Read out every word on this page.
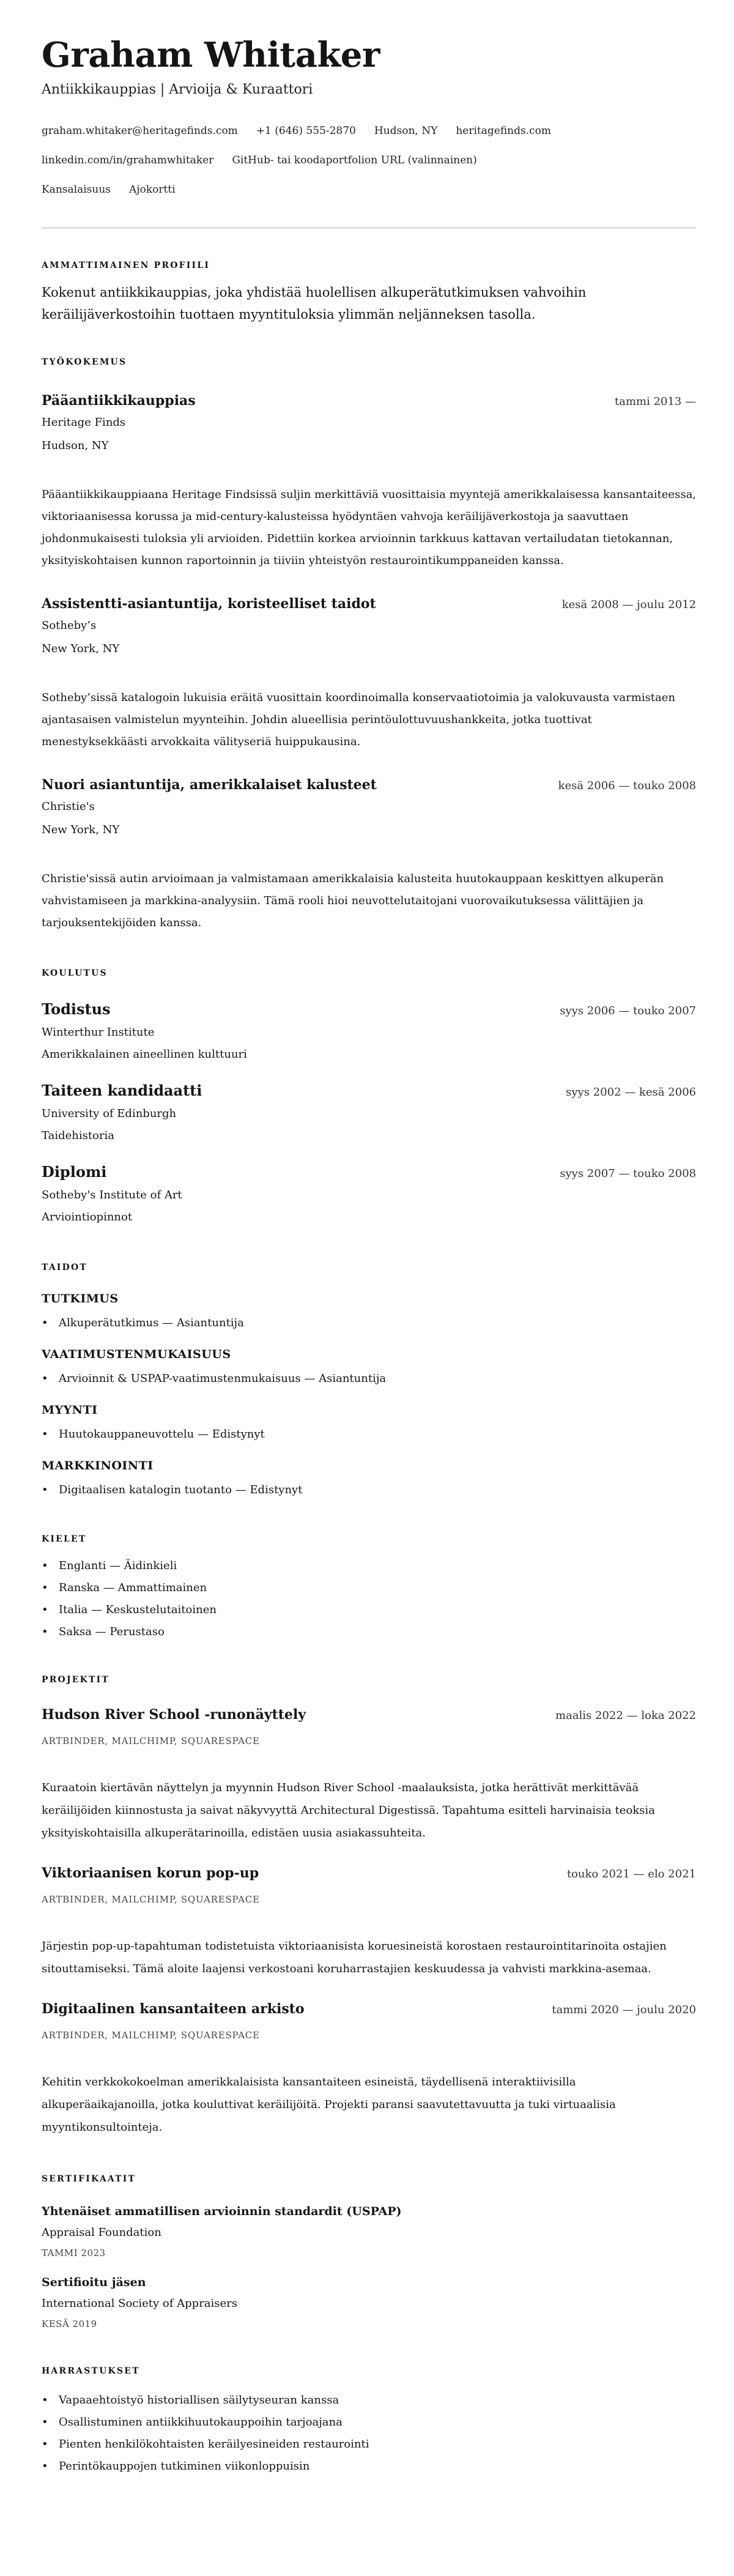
Graham Whitaker
Antiikkikauppias | Arvioija & Kuraattori
graham.whitaker@heritagefinds.com +1 (646) 555-2870 Hudson, NY heritagefinds.com
linkedin.com/in/grahamwhitaker GitHub- tai koodaportfolion URL (valinnainen)
Kansalaisuus Ajokortti
AMMATTIMAINEN PROFIILI

Kokenut antiikkikauppias, joka yhdistää huolellisen alkuperätutkimuksen vahvoihin keräilijäverkostoihin tuottaen myyntituloksia ylimmän neljänneksen tasolla.

TYÖKOKEMUS
Pääantiikkikauppias	tammi 2013 —
Heritage Finds
Hudson, NY

Pääantiikkikauppiaana Heritage Findsissä suljin merkittäviä vuosittaisia myyntejä amerikkalaisessa kansantaiteessa, viktoriaanisessa korussa ja mid-century-kalusteissa hyödyntäen vahvoja keräilijäverkostoja ja saavuttaen johdonmukaisesti tuloksia yli arvioiden. Pidettiin korkea arvioinnin tarkkuus kattavan vertailudatan tietokannan, yksityiskohtaisen kunnon raportoinnin ja tiiviin yhteistyön restaurointikumppaneiden kanssa.

Assistentti-asiantuntija, koristeelliset taidot	kesä 2008 — joulu 2012
Sotheby’s
New York, NY

Sotheby’sissä katalogoin lukuisia eräitä vuosittain koordinoimalla konservaatiotoimia ja valokuvausta varmistaen ajantasaisen valmistelun myynteihin. Johdin alueellisia perintöulottuvuushankkeita, jotka tuottivat menestyksekkäästi arvokkaita välityseriä huippukausina.

Nuori asiantuntija, amerikkalaiset kalusteet	kesä 2006 — touko 2008
Christie's
New York, NY

Christie'sissä autin arvioimaan ja valmistamaan amerikkalaisia kalusteita huutokauppaan keskittyen alkuperän vahvistamiseen ja markkina-analyysiin. Tämä rooli hioi neuvottelutaitojani vuorovaikutuksessa välittäjien ja tarjouksentekijöiden kanssa.

KOULUTUS
Todistus	syys 2006 — touko 2007
Winterthur Institute
Amerikkalainen aineellinen kulttuuri
Taiteen kandidaatti	syys 2002 — kesä 2006
University of Edinburgh
Taidehistoria
Diplomi	syys 2007 — touko 2008
Sotheby's Institute of Art
Arviointiopinnot
TAIDOT
TUTKIMUS
• Alkuperätutkimus — Asiantuntija
VAATIMUSTENMUKAISUUS
• Arvioinnit & USPAP-vaatimustenmukaisuus — Asiantuntija
MYYNTI
• Huutokauppaneuvottelu — Edistynyt
MARKKINOINTI
• Digitaalisen katalogin tuotanto — Edistynyt
KIELET
• Englanti — Äidinkieli
• Ranska — Ammattimainen
• Italia — Keskustelutaitoinen
• Saksa — Perustaso
PROJEKTIT
Hudson River School -runonäyttely	maalis 2022 — loka 2022
ARTBINDER, MAILCHIMP, SQUARESPACE

Kuraatoin kiertävän näyttelyn ja myynnin Hudson River School -maalauksista, jotka herättivät merkittävää keräilijöiden kiinnostusta ja saivat näkyvyyttä Architectural Digestissä. Tapahtuma esitteli harvinaisia teoksia yksityiskohtaisilla alkuperätarinoilla, edistäen uusia asiakassuhteita.

Viktoriaanisen korun pop-up	touko 2021 — elo 2021
ARTBINDER, MAILCHIMP, SQUARESPACE

Järjestin pop-up-tapahtuman todistetuista viktoriaanisista koruesineistä korostaen restaurointitarinoita ostajien sitouttamiseksi. Tämä aloite laajensi verkostoani koruharrastajien keskuudessa ja vahvisti markkina-asemaa.

Digitaalinen kansantaiteen arkisto	tammi 2020 — joulu 2020
ARTBINDER, MAILCHIMP, SQUARESPACE

Kehitin verkkokokoelman amerikkalaisista kansantaiteen esineistä, täydellisenä interaktiivisilla alkuperäaikajanoilla, jotka kouluttivat keräilijöitä. Projekti paransi saavutettavuutta ja tuki virtuaalisia myyntikonsultointeja.

SERTIFIKAATIT
Yhtenäiset ammatillisen arvioinnin standardit (USPAP)
Appraisal Foundation
TAMMI 2023
Sertifioitu jäsen
International Society of Appraisers
KESÄ 2019
HARRASTUKSET
• Vapaaehtoistyö historiallisen säilytyseuran kanssa
• Osallistuminen antiikkihuutokauppoihin tarjoajana
• Pienten henkilökohtaisten keräilyesineiden restaurointi
• Perintökauppojen tutkiminen viikonloppuisin
